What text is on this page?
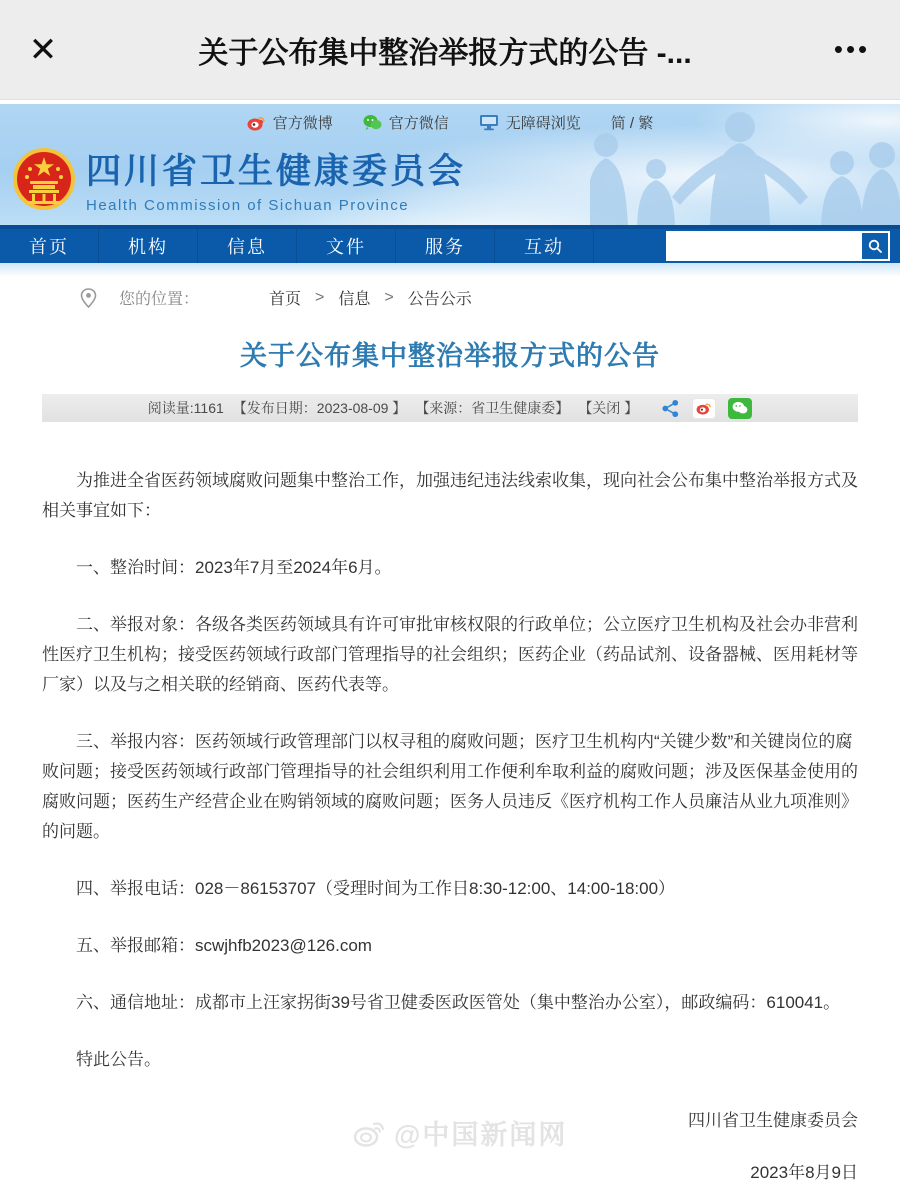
✕	关于公布集中整治举报方式的公告 -...	•••
官方微博	官方微信	无障碍浏览 简 / 繁
四川省卫生健康委员会
Health Commission of Sichuan Province
首页	机构	信息	文件	服务	互动
您的位置：	首页 > 信息 > 公告公示
关于公布集中整治举报方式的公告
阅读量:1161 【发布日期：2023-08-09 】 【来源：省卫生健康委】 【关闭 】

为推进全省医药领域腐败问题集中整治工作，加强违纪违法线索收集，现向社会公布集中整治举报方式及相关事宜如下：

一、整治时间：2023年7月至2024年6月。

二、举报对象：各级各类医药领域具有许可审批审核权限的行政单位；公立医疗卫生机构及社会办非营利性医疗卫生机构；接受医药领域行政部门管理指导的社会组织；医药企业（药品试剂、设备器械、医用耗材等厂家）以及与之相关联的经销商、医药代表等。

三、举报内容：医药领域行政管理部门以权寻租的腐败问题；医疗卫生机构内“关键少数”和关键岗位的腐败问题；接受医药领域行政部门管理指导的社会组织利用工作便利牟取利益的腐败问题；涉及医保基金使用的腐败问题；医药生产经营企业在购销领域的腐败问题；医务人员违反《医疗机构工作人员廉洁从业九项准则》的问题。

四、举报电话：028－86153707（受理时间为工作日8:30-12:00、14:00-18:00）

五、举报邮箱：scwjhfb2023@126.com

六、通信地址：成都市上汪家拐街39号省卫健委医政医管处（集中整治办公室），邮政编码：610041。

特此公告。

四川省卫生健康委员会
2023年8月9日
@中国新闻网
